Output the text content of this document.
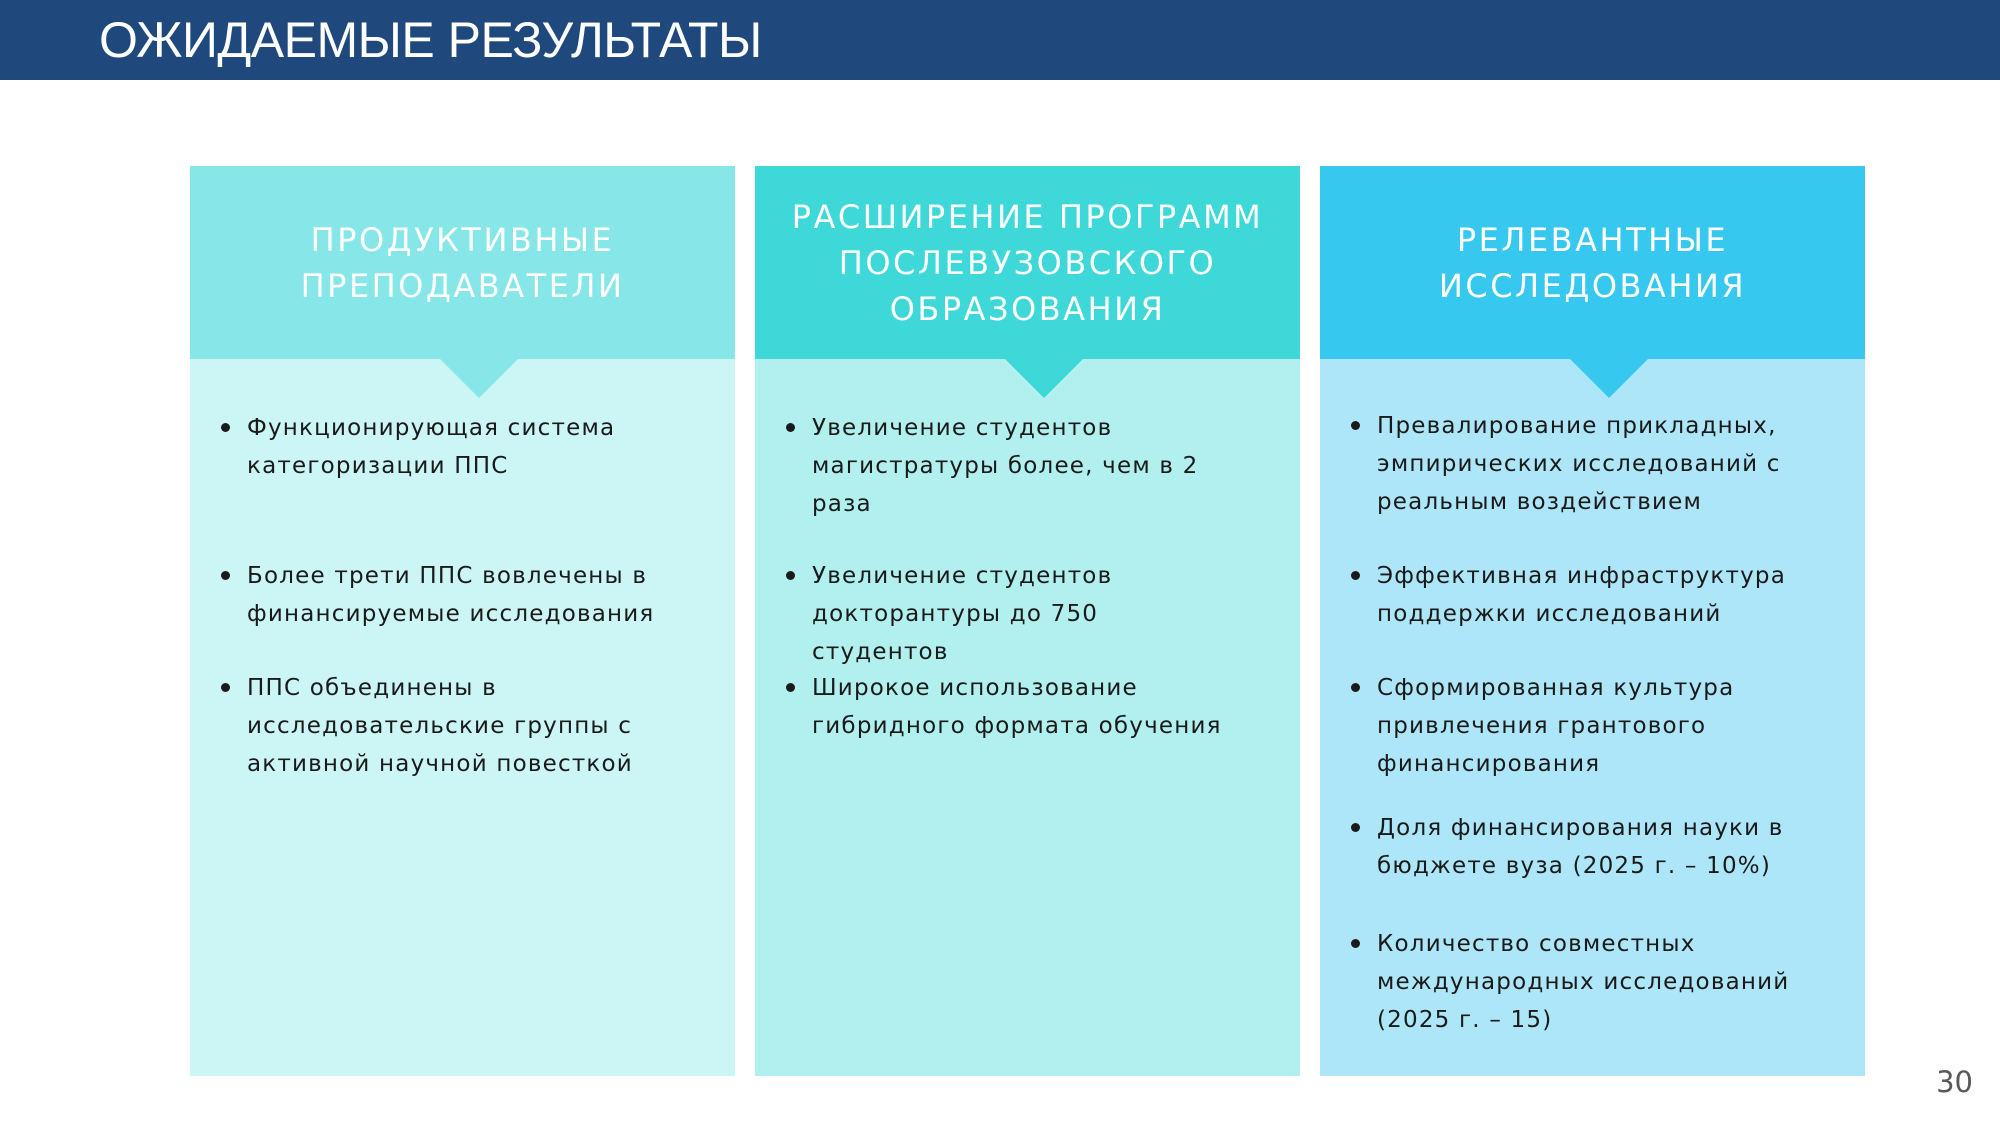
ОЖИДАЕМЫЕ РЕЗУЛЬТАТЫ
Функционирующая система категоризации ППС
Более трети ППС вовлечены в финансируемые исследования
ППС объединены в исследовательские группы с активной научной повесткой
ПРОДУКТИВНЫЕ
ПРЕПОДАВАТЕЛИ
Увеличение студентов магистратуры более, чем в 2 раза
Увеличение студентов докторантуры до 750 студентов
Широкое использование гибридного формата обучения
РАСШИРЕНИЕ ПРОГРАММ
ПОСЛЕВУЗОВСКОГО
ОБРАЗОВАНИЯ
Превалирование прикладных, эмпирических исследований с реальным воздействием
Эффективная инфраструктура поддержки исследований
Сформированная культура привлечения грантового финансирования
Доля финансирования науки в бюджете вуза (2025 г. – 10%)
Количество совместных международных исследований (2025 г. – 15)
РЕЛЕВАНТНЫЕ
ИССЛЕДОВАНИЯ
30
